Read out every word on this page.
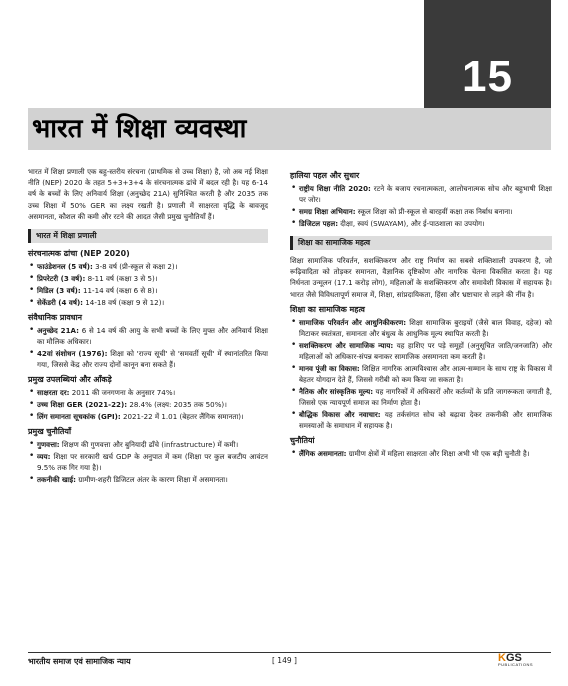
15
भारत में शिक्षा व्यवस्था

भारत में शिक्षा प्रणाली एक बहु-स्तरीय संरचना (प्राथमिक से उच्च शिक्षा) है, जो अब नई शिक्षा नीति (NEP) 2020 के तहत 5+3+3+4 के संरचनात्मक ढांचे में बदल रही है। यह 6-14 वर्ष के बच्चों के लिए अनिवार्य शिक्षा (अनुच्छेद 21A) सुनिश्चित करती है और 2035 तक उच्च शिक्षा में 50% GER का लक्ष्य रखती है। प्रणाली में साक्षरता वृद्धि के बावजूद असमानता, कौशल की कमी और रटने की आदत जैसी प्रमुख चुनौतियाँ हैं।

भारत में शिक्षा प्रणाली
संरचनात्मक ढांचा (NEP 2020)
• फाउंडेशनल (5 वर्ष): 3-8 वर्ष (प्री-स्कूल से कक्षा 2)।
• प्रिपरेटरी (3 वर्ष): 8-11 वर्ष (कक्षा 3 से 5)।
• मिडिल (3 वर्ष): 11-14 वर्ष (कक्षा 6 से 8)।
• सेकेंडरी (4 वर्ष): 14-18 वर्ष (कक्षा 9 से 12)।
संवैधानिक प्रावधान
• अनुच्छेद 21A: 6 से 14 वर्ष की आयु के सभी बच्चों के लिए मुफ्त और अनिवार्य शिक्षा का मौलिक अधिकार।
• 42वां संशोधन (1976): शिक्षा को 'राज्य सूची' से 'समवर्ती सूची' में स्थानांतरित किया गया, जिससे केंद्र और राज्य दोनों कानून बना सकते हैं।
प्रमुख उपलब्धियां और आँकड़े
• साक्षरता दर: 2011 की जनगणना के अनुसार 74%।
• उच्च शिक्षा GER (2021-22): 28.4% (लक्ष्य: 2035 तक 50%)।
• लिंग समानता सूचकांक (GPI): 2021-22 में 1.01 (बेहतर लैंगिक समानता)।
प्रमुख चुनौतियाँ
• गुणवत्ता: शिक्षण की गुणवत्ता और बुनियादी ढाँचे (infrastructure) में कमी।
• व्यय: शिक्षा पर सरकारी खर्च GDP के अनुपात में कम (शिक्षा पर कुल बजटीय आवंटन 9.5% तक गिर गया है)।
• तकनीकी खाई: ग्रामीण-शहरी डिजिटल अंतर के कारण शिक्षा में असमानता।
हालिया पहल और सुधार
• राष्ट्रीय शिक्षा नीति 2020: रटने के बजाय रचनात्मकता, आलोचनात्मक सोच और बहुभाषी शिक्षा पर जोर।
• समग्र शिक्षा अभियान: स्कूल शिक्षा को प्री-स्कूल से बारहवीं कक्षा तक निर्बाध बनाना।
• डिजिटल पहल: दीक्षा, स्वयं (SWAYAM), और ई-पाठशाला का उपयोग।
शिक्षा का सामाजिक महत्व

शिक्षा सामाजिक परिवर्तन, सशक्तिकरण और राष्ट्र निर्माण का सबसे शक्तिशाली उपकरण है, जो रूढ़िवादिता को तोड़कर समानता, वैज्ञानिक दृष्टिकोण और नागरिक चेतना विकसित करता है। यह निर्धनता उन्मूलन (17.1 करोड़ लोग), महिलाओं के सशक्तिकरण और समावेशी विकास में सहायक है। भारत जैसे विविधतापूर्ण समाज में, शिक्षा, सांप्रदायिकता, हिंसा और भ्रष्टाचार से लड़ने की नींव है।

शिक्षा का सामाजिक महत्व
• सामाजिक परिवर्तन और आधुनिकीकरण: शिक्षा सामाजिक बुराइयों (जैसे बाल विवाह, दहेज) को मिटाकर स्वतंत्रता, समानता और बंधुत्व के आधुनिक मूल्य स्थापित करती है।
• सशक्तिकरण और सामाजिक न्याय: यह हाशिए पर पड़े समूहों (अनुसूचित जाति/जनजाति) और महिलाओं को अधिकार-संपन्न बनाकर सामाजिक असमानता कम करती है।
• मानव पूंजी का विकास: शिक्षित नागरिक आत्मविश्वास और आत्म-सम्मान के साथ राष्ट्र के विकास में बेहतर योगदान देते हैं, जिससे गरीबी को कम किया जा सकता है।
• नैतिक और सांस्कृतिक मूल्य: यह नागरिकों में अधिकारों और कर्तव्यों के प्रति जागरूकता जगाती है, जिससे एक न्यायपूर्ण समाज का निर्माण होता है।
• बौद्धिक विकास और नवाचार: यह तर्कसंगत सोच को बढ़ावा देकर तकनीकी और सामाजिक समस्याओं के समाधान में सहायक है।
चुनौतियां
• लैंगिक असमानता: ग्रामीण क्षेत्रों में महिला साक्षरता और शिक्षा अभी भी एक बड़ी चुनौती है।
भारतीय समाज एवं सामाजिक न्याय	[ 149 ]	KGS
PUBLICATIONS
